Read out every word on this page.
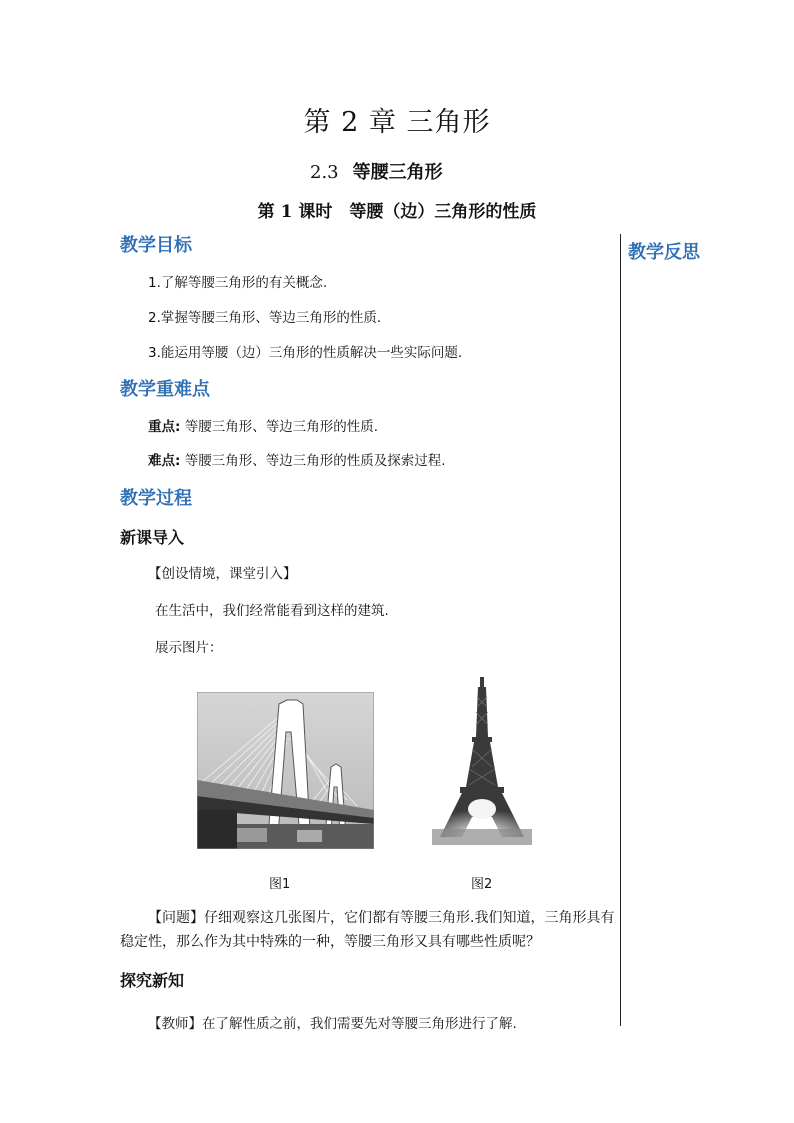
第 2 章 三角形
2.3 等腰三角形
第 1 课时　等腰（边）三角形的性质
教学反思
教学目标
1.了解等腰三角形的有关概念.
2.掌握等腰三角形、等边三角形的性质.
3.能运用等腰（边）三角形的性质解决一些实际问题.
教学重难点
重点: 等腰三角形、等边三角形的性质.
难点: 等腰三角形、等边三角形的性质及探索过程.
教学过程
新课导入
【创设情境，课堂引入】
在生活中，我们经常能看到这样的建筑.
展示图片：
图1	图2
【问题】仔细观察这几张图片，它们都有等腰三角形.我们知道，三角形具有稳定性，那么作为其中特殊的一种，等腰三角形又具有哪些性质呢？
探究新知
【教师】在了解性质之前，我们需要先对等腰三角形进行了解.
